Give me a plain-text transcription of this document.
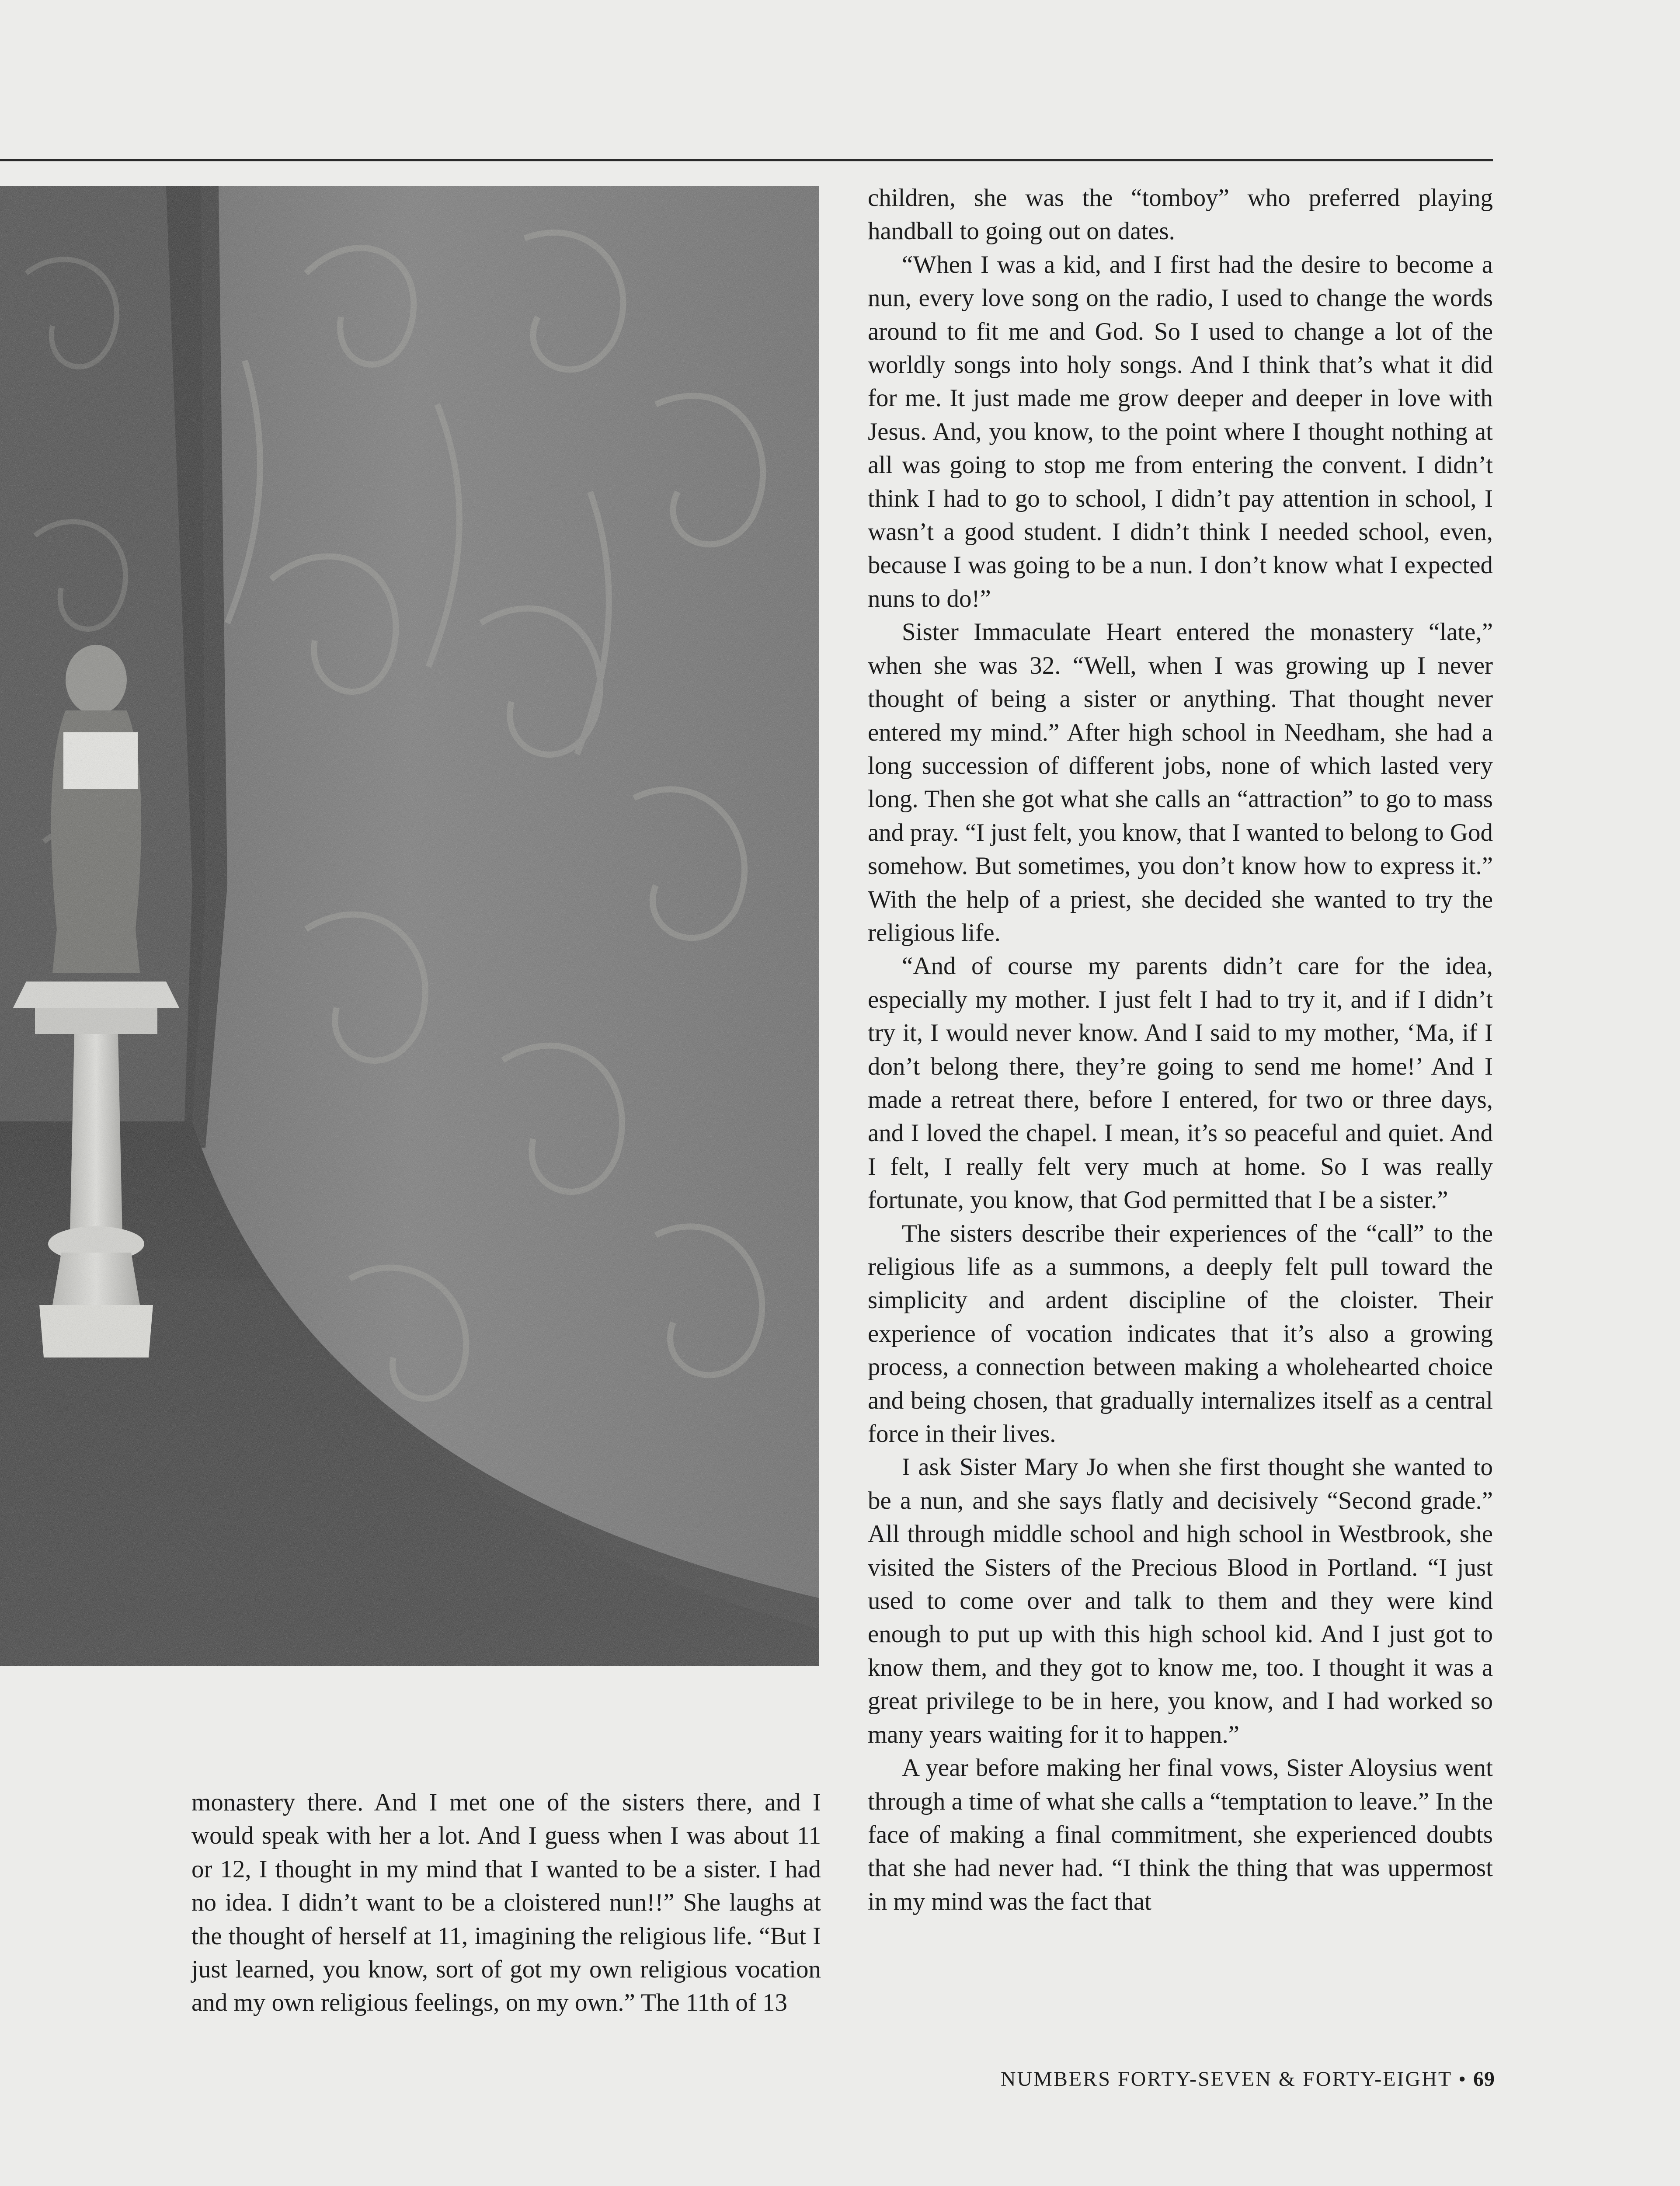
monastery there. And I met one of the sisters there, and I would speak with her a lot. And I guess when I was about 11 or 12, I thought in my mind that I wanted to be a sister. I had no idea. I didn’t want to be a cloistered nun!!” She laughs at the thought of herself at 11, imagining the religious life. “But I just learned, you know, sort of got my own religious vocation and my own religious feelings, on my own.” The 11th of 13

children, she was the “tomboy” who preferred playing handball to going out on dates.

“When I was a kid, and I first had the desire to become a nun, every love song on the radio, I used to change the words around to fit me and God. So I used to change a lot of the worldly songs into holy songs. And I think that’s what it did for me. It just made me grow deeper and deeper in love with Jesus. And, you know, to the point where I thought nothing at all was going to stop me from entering the convent. I didn’t think I had to go to school, I didn’t pay attention in school, I wasn’t a good student. I didn’t think I needed school, even, because I was going to be a nun. I don’t know what I expected nuns to do!”

Sister Immaculate Heart entered the monastery “late,” when she was 32. “Well, when I was growing up I never thought of being a sister or anything. That thought never entered my mind.” After high school in Needham, she had a long succession of different jobs, none of which lasted very long. Then she got what she calls an “attraction” to go to mass and pray. “I just felt, you know, that I wanted to belong to God somehow. But sometimes, you don’t know how to express it.” With the help of a priest, she decided she wanted to try the religious life.

“And of course my parents didn’t care for the idea, especially my mother. I just felt I had to try it, and if I didn’t try it, I would never know. And I said to my mother, ‘Ma, if I don’t belong there, they’re going to send me home!’ And I made a retreat there, before I entered, for two or three days, and I loved the chapel. I mean, it’s so peaceful and quiet. And I felt, I really felt very much at home. So I was really fortunate, you know, that God permitted that I be a sister.”

The sisters describe their experiences of the “call” to the religious life as a summons, a deeply felt pull toward the simplicity and ardent discipline of the cloister. Their experience of vocation indicates that it’s also a growing process, a connection between making a wholehearted choice and being chosen, that gradually internalizes itself as a central force in their lives.

I ask Sister Mary Jo when she first thought she wanted to be a nun, and she says flatly and decisively “Second grade.” All through middle school and high school in Westbrook, she visited the Sisters of the Precious Blood in Portland. “I just used to come over and talk to them and they were kind enough to put up with this high school kid. And I just got to know them, and they got to know me, too. I thought it was a great privilege to be in here, you know, and I had worked so many years waiting for it to happen.”

A year before making her final vows, Sister Aloysius went through a time of what she calls a “temptation to leave.” In the face of making a final commitment, she experienced doubts that she had never had. “I think the thing that was uppermost in my mind was the fact that

NUMBERS FORTY-SEVEN & FORTY-EIGHT • 69
